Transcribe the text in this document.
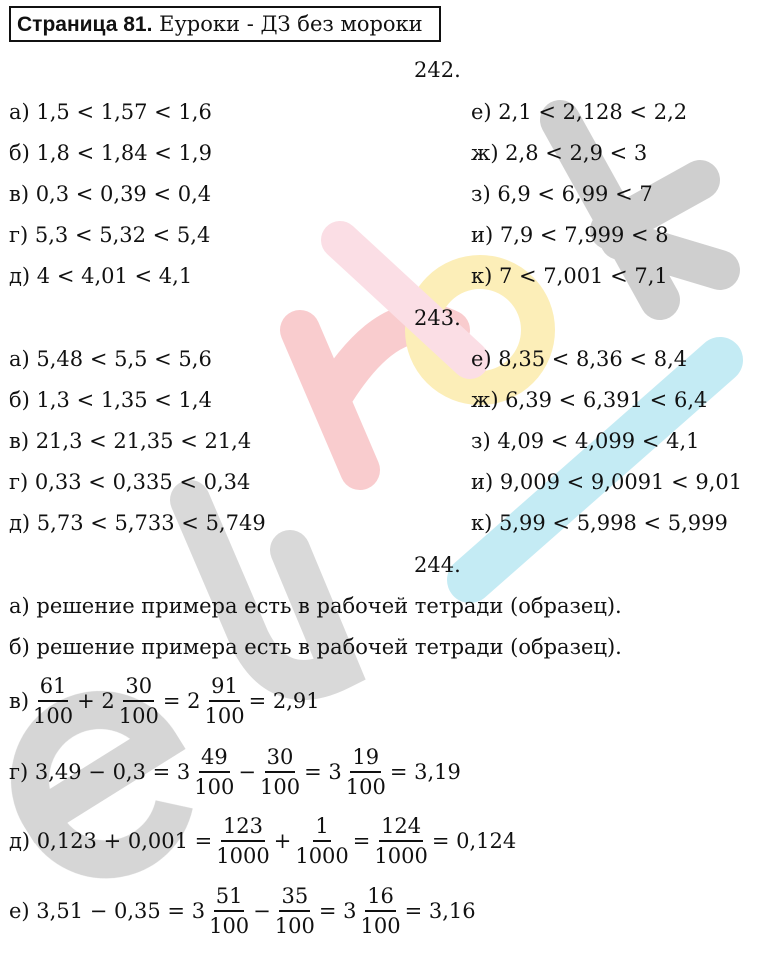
Страница 81. Еуроки - ДЗ без мороки
242.
а) 1,5 < 1,57 < 1,6
б) 1,8 < 1,84 < 1,9
в) 0,3 < 0,39 < 0,4
г) 5,3 < 5,32 < 5,4
д) 4 < 4,01 < 4,1
е) 2,1 < 2,128 < 2,2
ж) 2,8 < 2,9 < 3
з) 6,9 < 6,99 < 7
и) 7,9 < 7,999 < 8
к) 7 < 7,001 < 7,1
243.
а) 5,48 < 5,5 < 5,6
б) 1,3 < 1,35 < 1,4
в) 21,3 < 21,35 < 21,4
г) 0,33 < 0,335 < 0,34
д) 5,73 < 5,733 < 5,749
е) 8,35 < 8,36 < 8,4
ж) 6,39 < 6,391 < 6,4
з) 4,09 < 4,099 < 4,1
и) 9,009 < 9,0091 < 9,01
к) 5,99 < 5,998 < 5,999
244.
а) решение примера есть в рабочей тетради (образец).
б) решение примера есть в рабочей тетради (образец).
$в) \frac{61}{100} + 2 \frac{30}{100} = 2 \frac{91}{100} = 2,91$
г) $3,49 - 0,3 = 3 \frac{49}{100} - \frac{30}{100} = 3 \frac{19}{100} = 3,19$
д) $0,123 + 0,001 = \frac{123}{1000} + \frac{1}{1000} = \frac{124}{1000} = 0,124$
е) $3,51 - 0,35 = 3 \frac{51}{100} - \frac{35}{100} = 3 \frac{16}{100} = 3,16$
